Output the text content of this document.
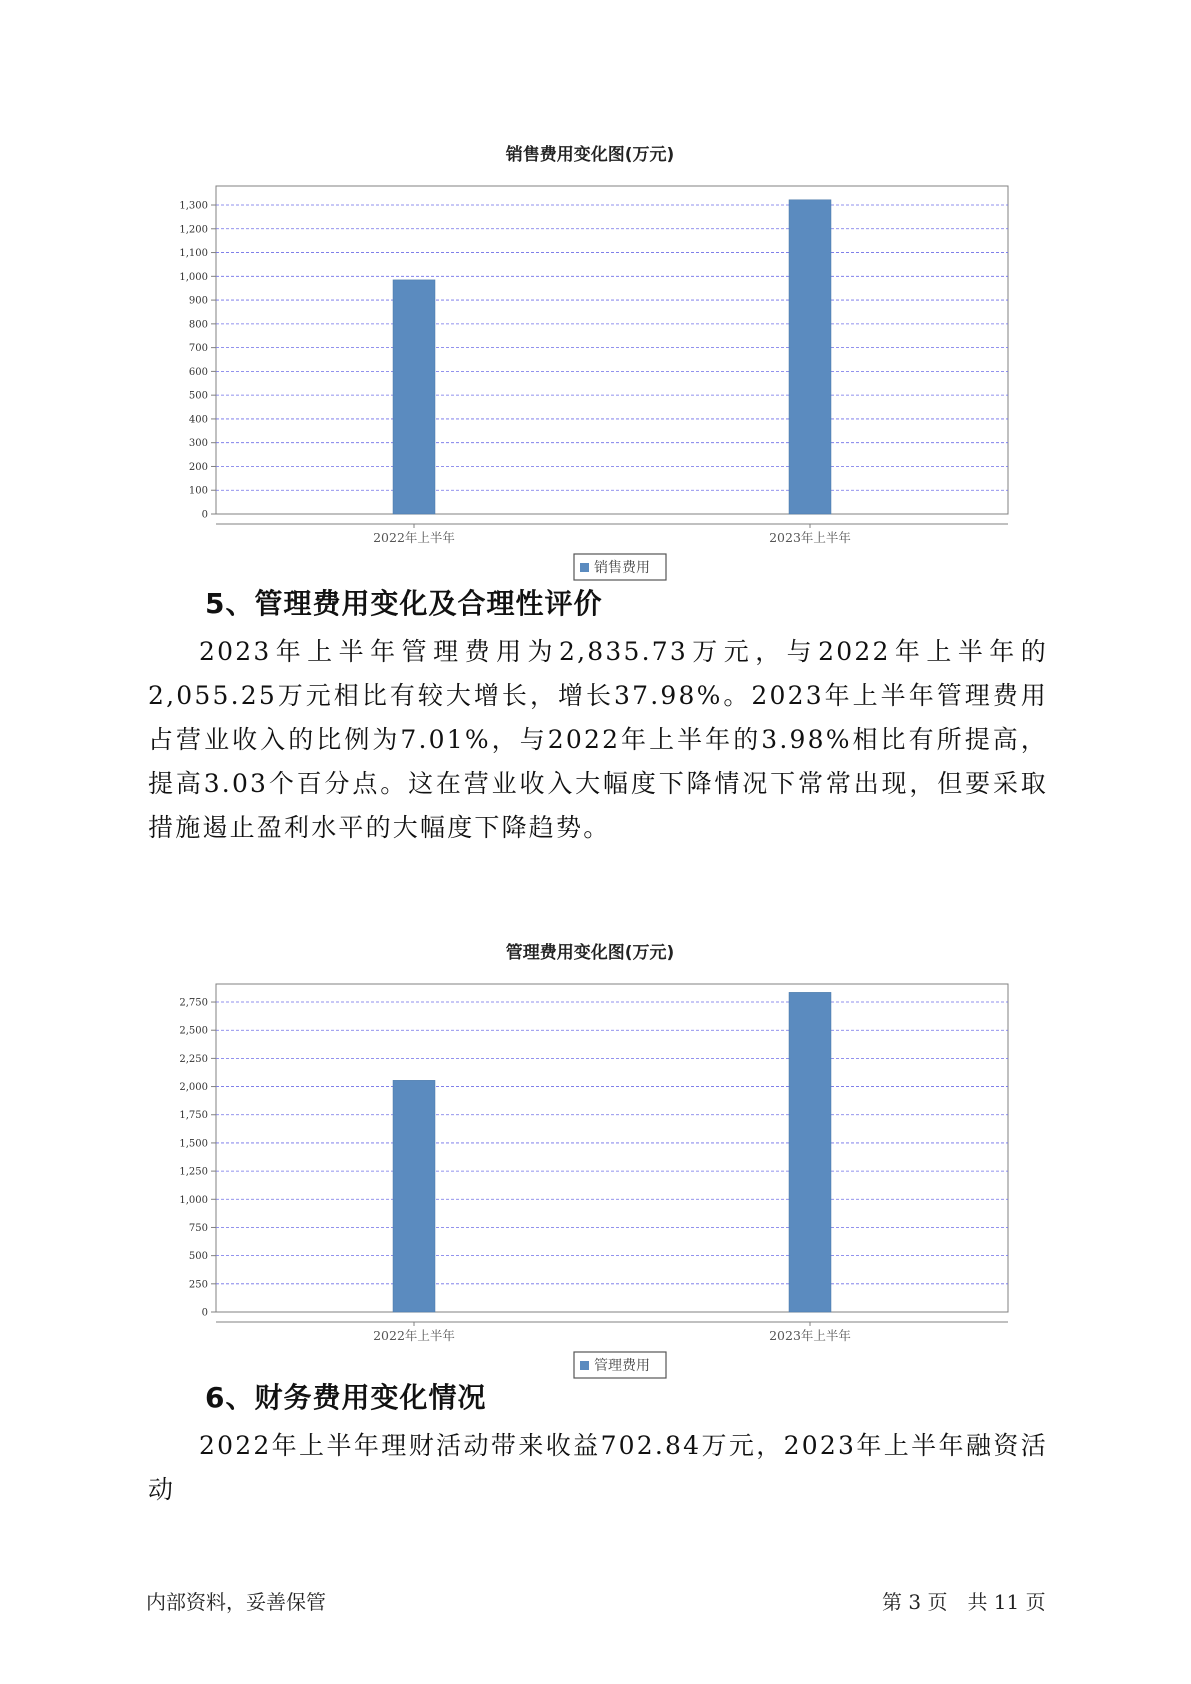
销售费用变化图(万元)
0
100
200
300
400
500
600
700
800
900
1,000
1,100
1,200
1,300
2022年上半年	2023年上半年
销售费用
5、管理费用变化及合理性评价
2023年上半年管理费用为2,835.73万元，与2022年上半年的2,055.25万元相比有较大增长，增长37.98%。2023年上半年管理费用占营业收入的比例为7.01%，与2022年上半年的3.98%相比有所提高，提高3.03个百分点。这在营业收入大幅度下降情况下常常出现，但要采取措施遏止盈利水平的大幅度下降趋势。
管理费用变化图(万元)
0
250
500
750
1,000
1,250
1,500
1,750
2,000
2,250
2,500
2,750
2022年上半年	2023年上半年
管理费用
6、财务费用变化情况
2022年上半年理财活动带来收益702.84万元，2023年上半年融资活动
内部资料，妥善保管	第 3 页　共 11 页
